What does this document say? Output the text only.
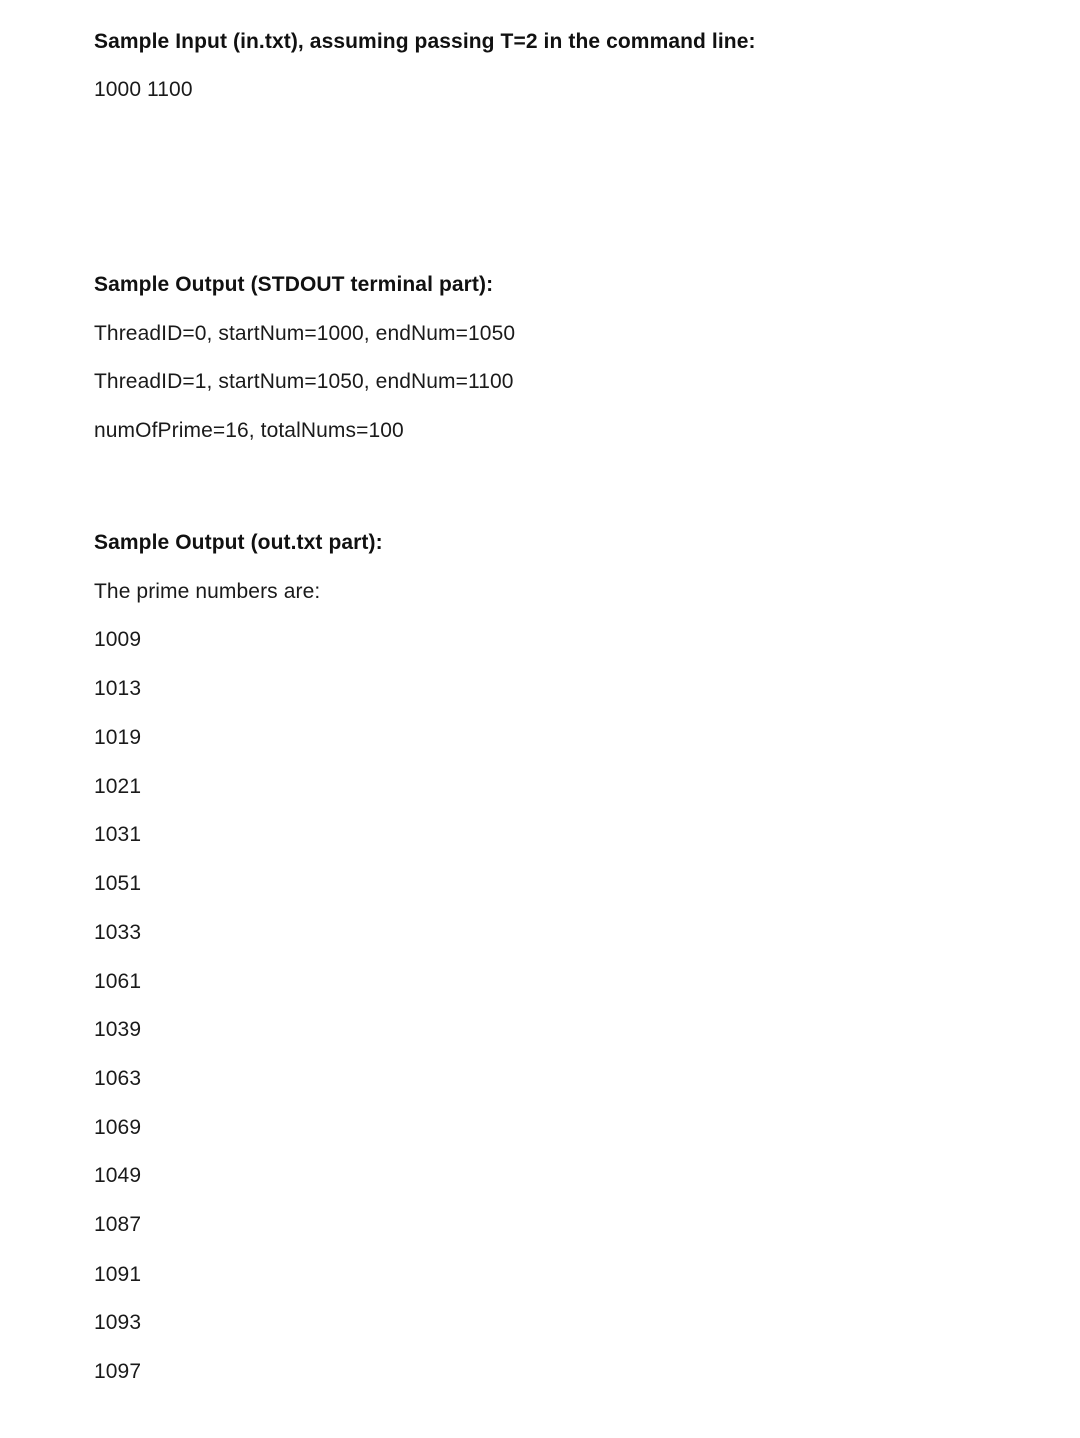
Sample Input (in.txt), assuming passing T=2 in the command line:
1000 1100
Sample Output (STDOUT terminal part):
ThreadID=0, startNum=1000, endNum=1050
ThreadID=1, startNum=1050, endNum=1100
numOfPrime=16, totalNums=100
Sample Output (out.txt part):
The prime numbers are:
1009
1013
1019
1021
1031
1051
1033
1061
1039
1063
1069
1049
1087
1091
1093
1097
